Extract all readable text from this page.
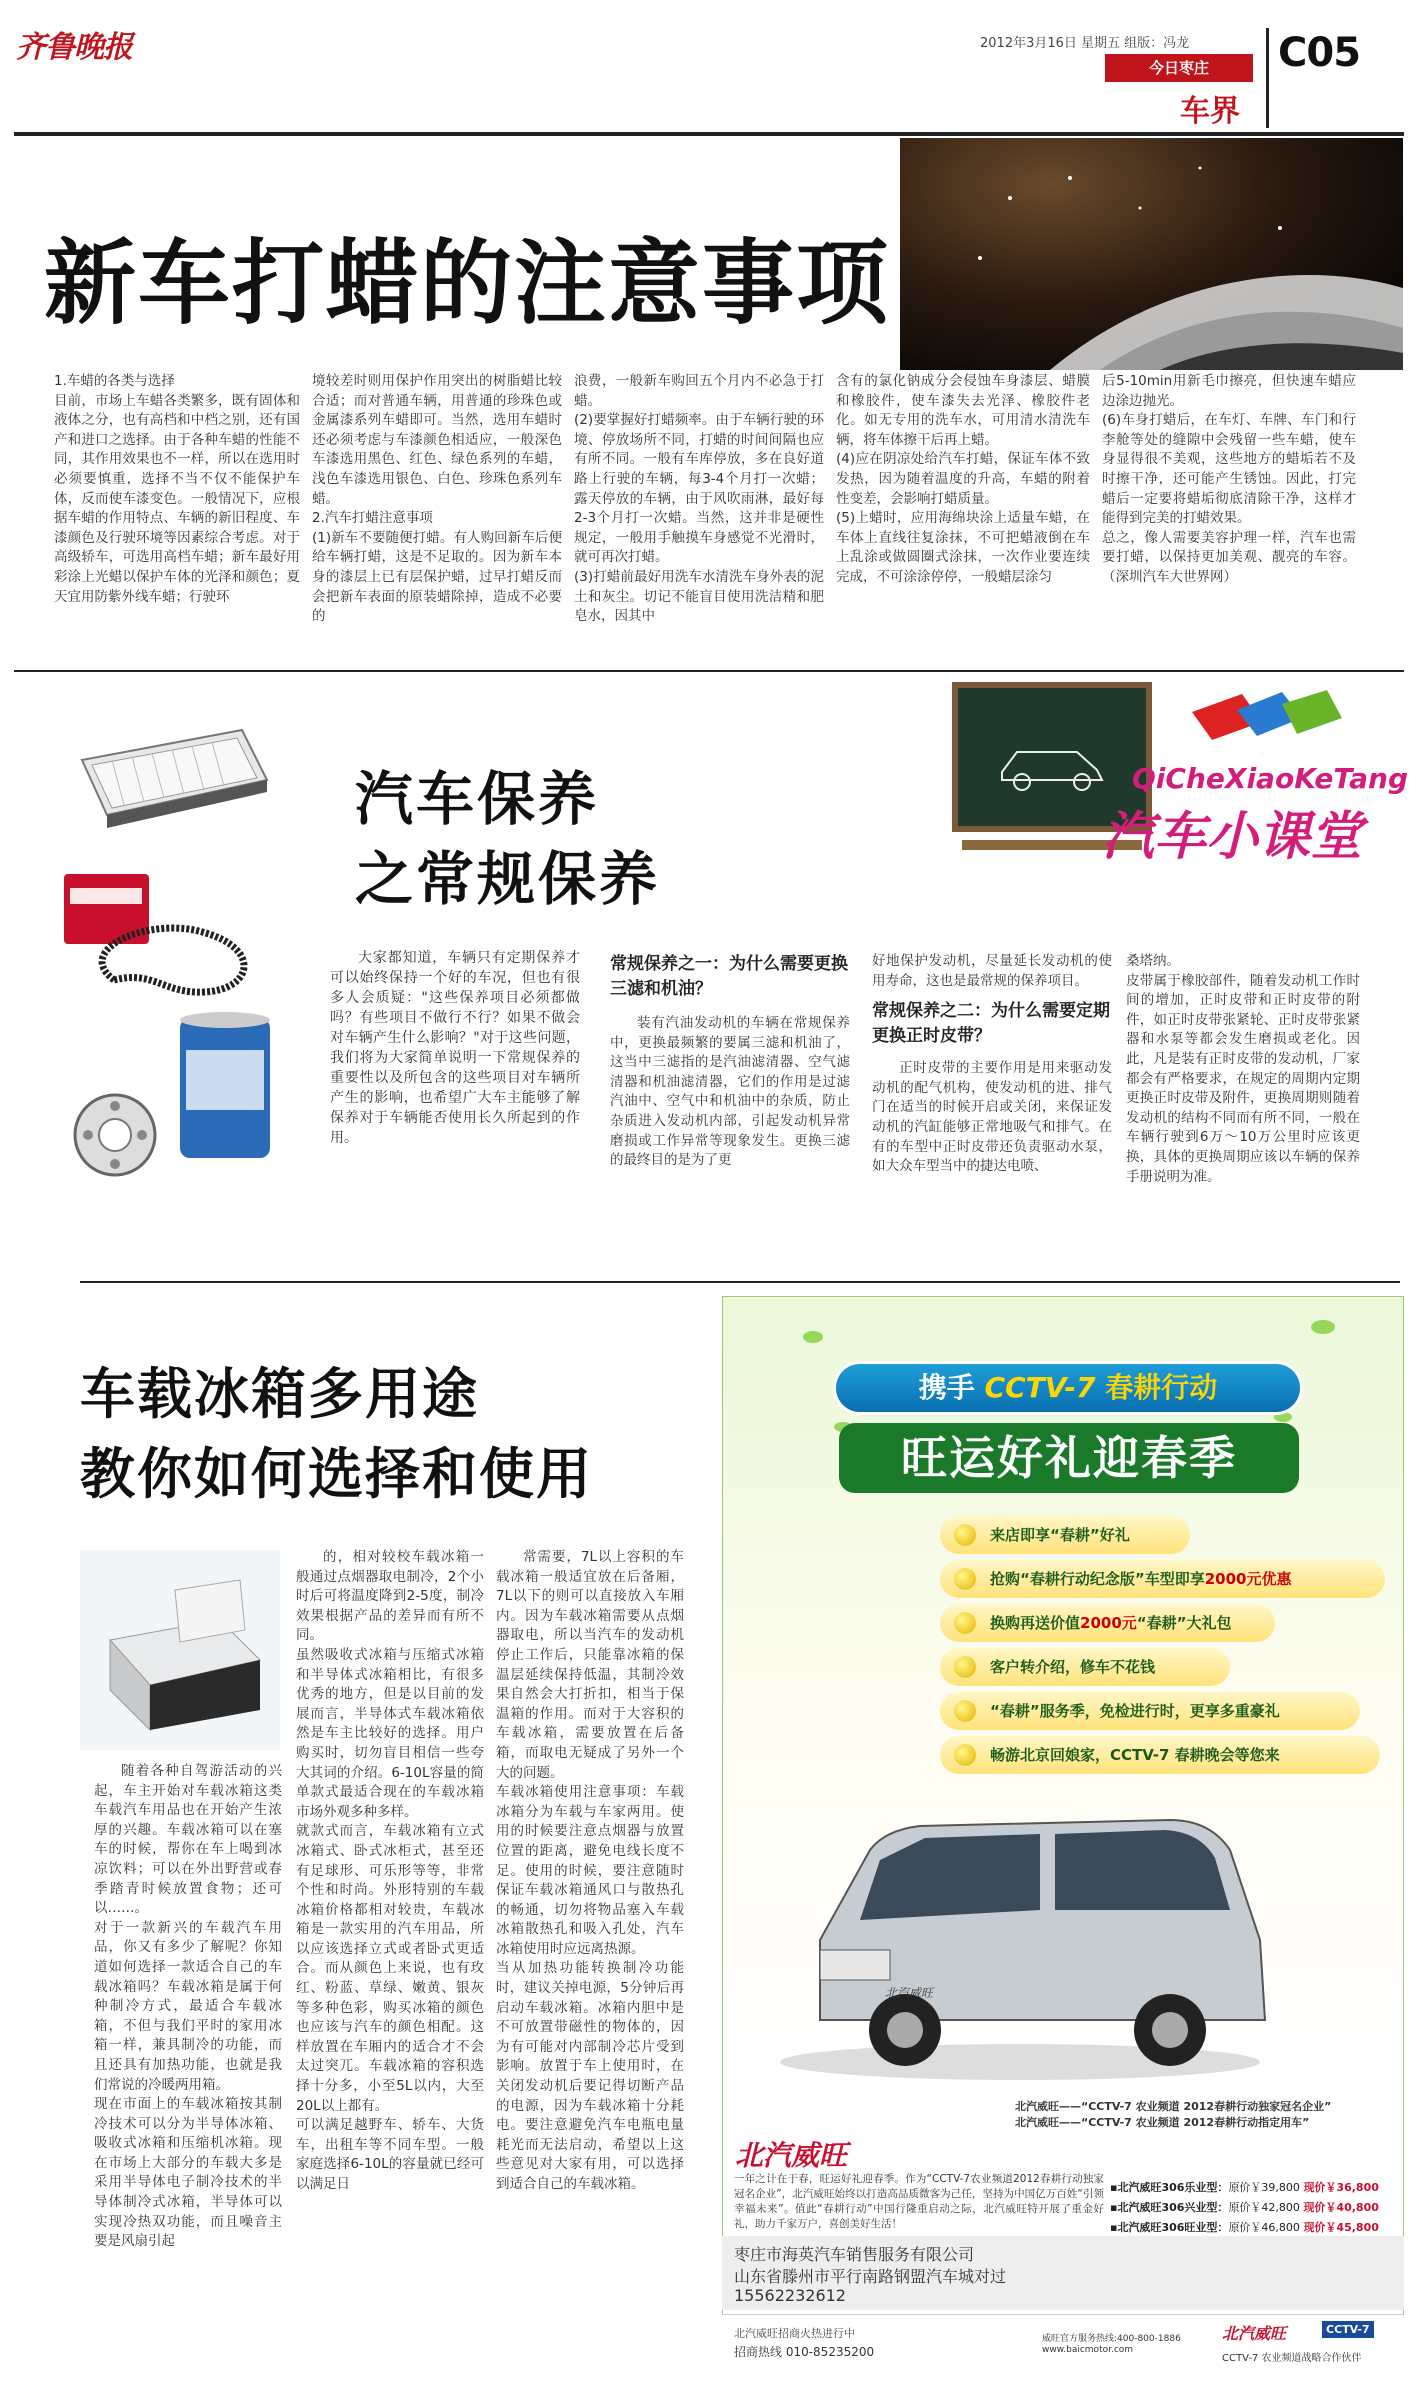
齐鲁晚报	2012年3月16日 星期五 组版：冯龙
今日枣庄
车界
C05
新车打蜡的注意事项
1.车蜡的各类与选择
目前，市场上车蜡各类繁多，既有固体和液体之分，也有高档和中档之别，还有国产和进口之选择。由于各种车蜡的性能不同，其作用效果也不一样，所以在选用时必须要慎重，选择不当不仅不能保护车体，反而使车漆变色。一般情况下，应根据车蜡的作用特点、车辆的新旧程度、车漆颜色及行驶环境等因素综合考虑。对于高级轿车，可选用高档车蜡；新车最好用彩涂上光蜡以保护车体的光泽和颜色；夏天宜用防紫外线车蜡；行驶环
境较差时则用保护作用突出的树脂蜡比较合适；而对普通车辆，用普通的珍珠色或金属漆系列车蜡即可。当然，选用车蜡时还必须考虑与车漆颜色相适应，一般深色车漆选用黑色、红色、绿色系列的车蜡，浅色车漆选用银色、白色、珍珠色系列车蜡。
2.汽车打蜡注意事项
(1)新车不要随便打蜡。有人购回新车后便给车辆打蜡，这是不足取的。因为新车本身的漆层上已有层保护蜡，过早打蜡反而会把新车表面的原装蜡除掉，造成不必要的
浪费，一般新车购回五个月内不必急于打蜡。
(2)要掌握好打蜡频率。由于车辆行驶的环境、停放场所不同，打蜡的时间间隔也应有所不同。一般有车库停放，多在良好道路上行驶的车辆，每3-4个月打一次蜡；露天停放的车辆，由于风吹雨淋，最好每2-3个月打一次蜡。当然，这并非是硬性规定，一般用手触摸车身感觉不光滑时，就可再次打蜡。
(3)打蜡前最好用洗车水清洗车身外表的泥土和灰尘。切记不能盲目使用洗洁精和肥皂水，因其中
含有的氯化钠成分会侵蚀车身漆层、蜡膜和橡胶件，使车漆失去光泽、橡胶件老化。如无专用的洗车水，可用清水清洗车辆，将车体擦干后再上蜡。
(4)应在阴凉处给汽车打蜡，保证车体不致发热，因为随着温度的升高，车蜡的附着性变差，会影响打蜡质量。
(5)上蜡时，应用海绵块涂上适量车蜡，在车体上直线往复涂抹，不可把蜡液倒在车上乱涂或做圆圈式涂抹，一次作业要连续完成，不可涂涂停停，一般蜡层涂匀
后5-10min用新毛巾擦亮，但快速车蜡应边涂边抛光。
(6)车身打蜡后，在车灯、车牌、车门和行李舱等处的缝隙中会残留一些车蜡，使车身显得很不美观，这些地方的蜡垢若不及时擦干净，还可能产生锈蚀。因此，打完蜡后一定要将蜡垢彻底清除干净，这样才能得到完美的打蜡效果。
总之，像人需要美容护理一样，汽车也需要打蜡，以保持更加美观、靓亮的车容。（深圳汽车大世界网）
汽车保养
之常规保养
QiCheXiaoKeTang
汽车小课堂
大家都知道，车辆只有定期保养才可以始终保持一个好的车况，但也有很多人会质疑："这些保养项目必须都做吗？有些项目不做行不行？如果不做会对车辆产生什么影响？"对于这些问题，我们将为大家简单说明一下常规保养的重要性以及所包含的这些项目对车辆所产生的影响，也希望广大车主能够了解保养对于车辆能否使用长久所起到的作用。
常规保养之一：为什么需要更换三滤和机油？
装有汽油发动机的车辆在常规保养中，更换最频繁的要属三滤和机油了，这当中三滤指的是汽油滤清器、空气滤清器和机油滤清器，它们的作用是过滤汽油中、空气中和机油中的杂质，防止杂质进入发动机内部，引起发动机异常磨损或工作异常等现象发生。更换三滤的最终目的是为了更
好地保护发动机，尽量延长发动机的使用寿命，这也是最常规的保养项目。
常规保养之二：为什么需要定期更换正时皮带？
正时皮带的主要作用是用来驱动发动机的配气机构，使发动机的进、排气门在适当的时候开启或关闭，来保证发动机的汽缸能够正常地吸气和排气。在有的车型中正时皮带还负责驱动水泵，如大众车型当中的捷达电喷、
桑塔纳。
皮带属于橡胶部件，随着发动机工作时间的增加，正时皮带和正时皮带的附件，如正时皮带张紧轮、正时皮带张紧器和水泵等都会发生磨损或老化。因此，凡是装有正时皮带的发动机，厂家都会有严格要求，在规定的周期内定期更换正时皮带及附件，更换周期则随着发动机的结构不同而有所不同，一般在车辆行驶到6万～10万公里时应该更换，具体的更换周期应该以车辆的保养手册说明为准。
车载冰箱多用途
教你如何选择和使用
随着各种自驾游活动的兴起，车主开始对车载冰箱这类车载汽车用品也在开始产生浓厚的兴趣。车载冰箱可以在塞车的时候，帮你在车上喝到冰凉饮料；可以在外出野营或春季踏青时候放置食物；还可以……。
对于一款新兴的车载汽车用品，你又有多少了解呢？你知道如何选择一款适合自己的车载冰箱吗？车载冰箱是属于何种制冷方式，最适合车载冰箱，不但与我们平时的家用冰箱一样，兼具制冷的功能，而且还具有加热功能，也就是我们常说的冷暖两用箱。
现在市面上的车载冰箱按其制冷技术可以分为半导体冰箱、吸收式冰箱和压缩机冰箱。现在市场上大部分的车载大多是采用半导体电子制冷技术的半导体制冷式冰箱，半导体可以实现冷热双功能，而且噪音主要是风扇引起
的，相对较校车载冰箱一般通过点烟器取电制冷，2个小时后可将温度降到2-5度，制冷效果根据产品的差异而有所不同。
虽然吸收式冰箱与压缩式冰箱和半导体式冰箱相比，有很多优秀的地方，但是以目前的发展而言，半导体式车载冰箱依然是车主比较好的选择。用户购买时，切勿盲目相信一些夸大其词的介绍。6-10L容量的简单款式最适合现在的车载冰箱市场外观多种多样。
就款式而言，车载冰箱有立式冰箱式、卧式冰柜式，甚至还有足球形、可乐形等等，非常个性和时尚。外形特别的车载冰箱价格都相对较贵，车载冰箱是一款实用的汽车用品，所以应该选择立式或者卧式更适合。而从颜色上来说，也有玫红、粉蓝、草绿、嫩黄、银灰等多种色彩，购买冰箱的颜色也应该与汽车的颜色相配。这样放置在车厢内的适合才不会太过突兀。车载冰箱的容积选择十分多，小至5L以内，大至20L以上都有。
可以满足越野车、轿车、大货车，出租车等不同车型。一般家庭选择6-10L的容量就已经可以满足日
常需要，7L以上容积的车载冰箱一般适宜放在后备厢，7L以下的则可以直接放入车厢内。因为车载冰箱需要从点烟器取电，所以当汽车的发动机停止工作后，只能靠冰箱的保温层延续保持低温，其制冷效果自然会大打折扣，相当于保温箱的作用。而对于大容积的车载冰箱，需要放置在后备箱，而取电无疑成了另外一个大的问题。
车载冰箱使用注意事项：车载冰箱分为车载与车家两用。使用的时候要注意点烟器与放置位置的距离，避免电线长度不足。使用的时候，要注意随时保证车载冰箱通风口与散热孔的畅通，切勿将物品塞入车载冰箱散热孔和吸入孔处，汽车冰箱使用时应远离热源。
当从加热功能转换制冷功能时，建议关掉电源，5分钟后再启动车载冰箱。冰箱内胆中是不可放置带磁性的物体的，因为有可能对内部制冷芯片受到影响。放置于车上使用时，在关闭发动机后要记得切断产品的电源，因为车载冰箱十分耗电。要注意避免汽车电瓶电量耗光而无法启动，希望以上这些意见对大家有用，可以选择到适合自己的车载冰箱。
携手 CCTV-7 春耕行动
旺运好礼迎春季
来店即享“春耕”好礼
抢购“春耕行动纪念版”车型即享2000元优惠
换购再送价值2000元“春耕”大礼包
客户转介绍，修车不花钱
“春耕”服务季，免检进行时，更享多重豪礼
畅游北京回娘家，CCTV-7 春耕晚会等您来
北汽威旺
北汽威旺——“CCTV-7 农业频道 2012春耕行动独家冠名企业”
北汽威旺——“CCTV-7 农业频道 2012春耕行动指定用车”
北汽威旺
一年之计在于春，旺运好礼迎春季。作为“CCTV-7农业频道2012春耕行动独家冠名企业”，北汽威旺始终以打造高品质微客为己任，坚持为中国亿万百姓“引领幸福未来”。值此“春耕行动”中国行隆重启动之际，北汽威旺特开展了重金好礼，助力千家万户，喜创美好生活！
▪北汽威旺306乐业型：原价￥39,800 现价￥36,800
▪北汽威旺306兴业型：原价￥42,800 现价￥40,800
▪北汽威旺306旺业型：原价￥46,800 现价￥45,800
枣庄市海英汽车销售服务有限公司
山东省滕州市平行南路钢盟汽车城对过
15562232612
北汽威旺招商火热进行中
招商热线 010-85235200
威旺官方服务热线:400-800-1886
www.baicmotor.com
北汽威旺	CCTV-7
CCTV-7 农业频道战略合作伙伴
